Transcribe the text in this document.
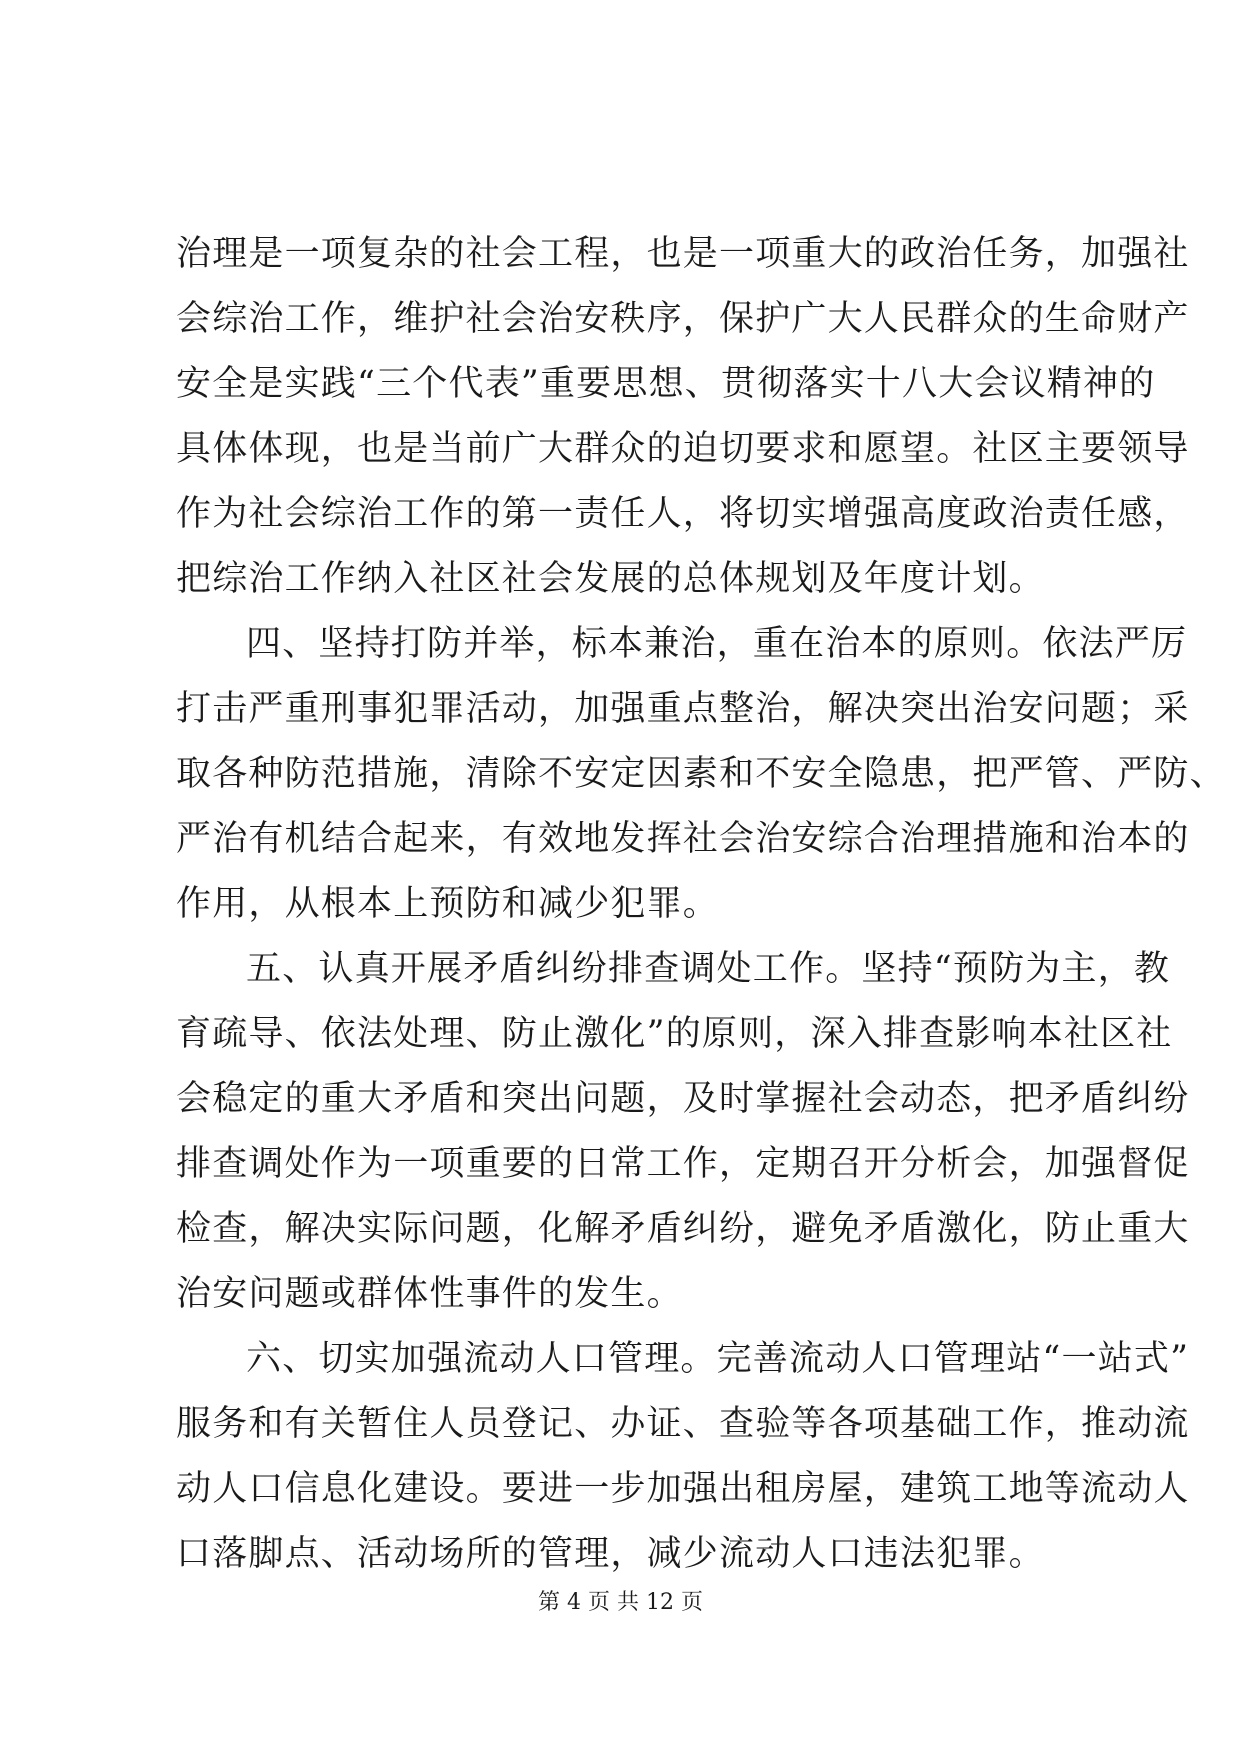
治理是一项复杂的社会工程，也是一项重大的政治任务，加强社
会综治工作，维护社会治安秩序，保护广大人民群众的生命财产
安全是实践“三个代表”重要思想、贯彻落实十八大会议精神的
具体体现，也是当前广大群众的迫切要求和愿望。社区主要领导
作为社会综治工作的第一责任人，将切实增强高度政治责任感，
把综治工作纳入社区社会发展的总体规划及年度计划。
四、坚持打防并举，标本兼治，重在治本的原则。依法严厉
打击严重刑事犯罪活动，加强重点整治，解决突出治安问题；采
取各种防范措施，清除不安定因素和不安全隐患，把严管、严防、
严治有机结合起来，有效地发挥社会治安综合治理措施和治本的
作用，从根本上预防和减少犯罪。
五、认真开展矛盾纠纷排查调处工作。坚持“预防为主，教
育疏导、依法处理、防止激化”的原则，深入排查影响本社区社
会稳定的重大矛盾和突出问题，及时掌握社会动态，把矛盾纠纷
排查调处作为一项重要的日常工作，定期召开分析会，加强督促
检查，解决实际问题，化解矛盾纠纷，避免矛盾激化，防止重大
治安问题或群体性事件的发生。
六、切实加强流动人口管理。完善流动人口管理站“一站式”
服务和有关暂住人员登记、办证、查验等各项基础工作，推动流
动人口信息化建设。要进一步加强出租房屋，建筑工地等流动人
口落脚点、活动场所的管理，减少流动人口违法犯罪。
第 4 页 共 12 页
